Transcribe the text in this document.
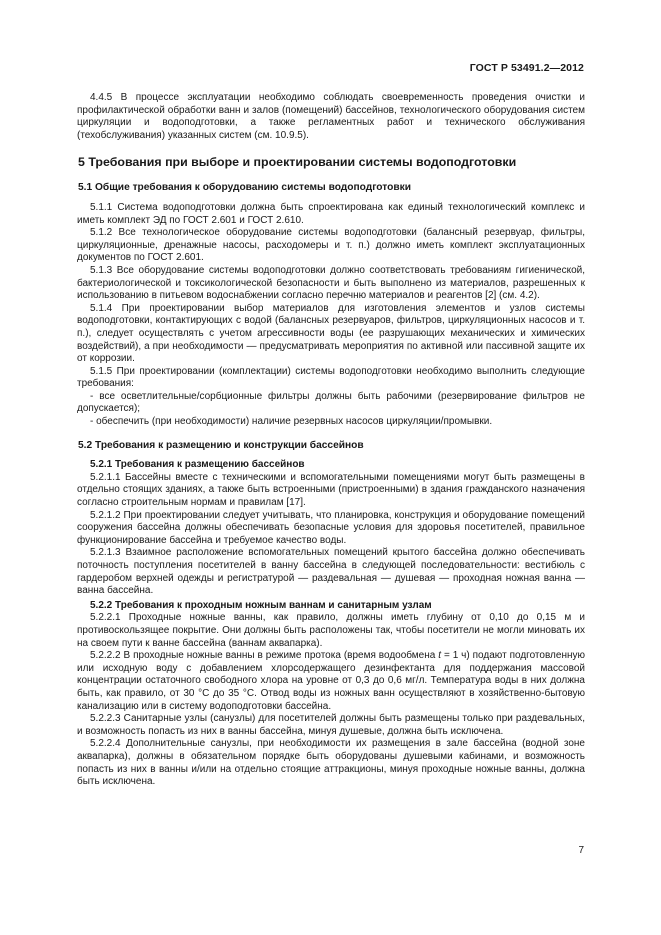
ГОСТ Р 53491.2—2012

4.4.5 В процессе эксплуатации необходимо соблюдать своевременность проведения очистки и профилактической обработки ванн и залов (помещений) бассейнов, технологического оборудования систем циркуляции и водоподготовки, а также регламентных работ и технического обслуживания (техобслуживания) указанных систем (см. 10.9.5).

5 Требования при выборе и проектировании системы водоподготовки
5.1 Общие требования к оборудованию системы водоподготовки

5.1.1 Система водоподготовки должна быть спроектирована как единый технологический комплекс и иметь комплект ЭД по ГОСТ 2.601 и ГОСТ 2.610.

5.1.2 Все технологическое оборудование системы водоподготовки (балансный резервуар, фильтры, циркуляционные, дренажные насосы, расходомеры и т. п.) должно иметь комплект эксплуатационных документов по ГОСТ 2.601.

5.1.3 Все оборудование системы водоподготовки должно соответствовать требованиям гигиенической, бактериологической и токсикологической безопасности и быть выполнено из материалов, разрешенных к использованию в питьевом водоснабжении согласно перечню материалов и реагентов [2] (см. 4.2).

5.1.4 При проектировании выбор материалов для изготовления элементов и узлов системы водоподготовки, контактирующих с водой (балансных резервуаров, фильтров, циркуляционных насосов и т. п.), следует осуществлять с учетом агрессивности воды (ее разрушающих механических и химических воздействий), а при необходимости — предусматривать мероприятия по активной или пассивной защите их от коррозии.

5.1.5 При проектировании (комплектации) системы водоподготовки необходимо выполнить следующие требования:

- все осветлительные/сорбционные фильтры должны быть рабочими (резервирование фильтров не допускается);

- обеспечить (при необходимости) наличие резервных насосов циркуляции/промывки.

5.2 Требования к размещению и конструкции бассейнов
5.2.1 Требования к размещению бассейнов

5.2.1.1 Бассейны вместе с техническими и вспомогательными помещениями могут быть размещены в отдельно стоящих зданиях, а также быть встроенными (пристроенными) в здания гражданского назначения согласно строительным нормам и правилам [17].

5.2.1.2 При проектировании следует учитывать, что планировка, конструкция и оборудование помещений сооружения бассейна должны обеспечивать безопасные условия для здоровья посетителей, правильное функционирование бассейна и требуемое качество воды.

5.2.1.3 Взаимное расположение вспомогательных помещений крытого бассейна должно обеспечивать поточность поступления посетителей в ванну бассейна в следующей последовательности: вестибюль с гардеробом верхней одежды и регистратурой — раздевальная — душевая — проходная ножная ванна — ванна бассейна.

5.2.2 Требования к проходным ножным ваннам и санитарным узлам

5.2.2.1 Проходные ножные ванны, как правило, должны иметь глубину от 0,10 до 0,15 м и противоскользящее покрытие. Они должны быть расположены так, чтобы посетители не могли миновать их на своем пути к ванне бассейна (ваннам аквапарка).

5.2.2.2 В проходные ножные ванны в режиме протока (время водообмена t = 1 ч) подают подготовленную или исходную воду с добавлением хлорсодержащего дезинфектанта для поддержания массовой концентрации остаточного свободного хлора на уровне от 0,3 до 0,6 мг/л. Температура воды в них должна быть, как правило, от 30 °С до 35 °С. Отвод воды из ножных ванн осуществляют в хозяйственно-бытовую канализацию или в систему водоподготовки бассейна.

5.2.2.3 Санитарные узлы (санузлы) для посетителей должны быть размещены только при раздевальных, и возможность попасть из них в ванны бассейна, минуя душевые, должна быть исключена.

5.2.2.4 Дополнительные санузлы, при необходимости их размещения в зале бассейна (водной зоне аквапарка), должны в обязательном порядке быть оборудованы душевыми кабинами, и возможность попасть из них в ванны и/или на отдельно стоящие аттракционы, минуя проходные ножные ванны, должна быть исключена.

7
